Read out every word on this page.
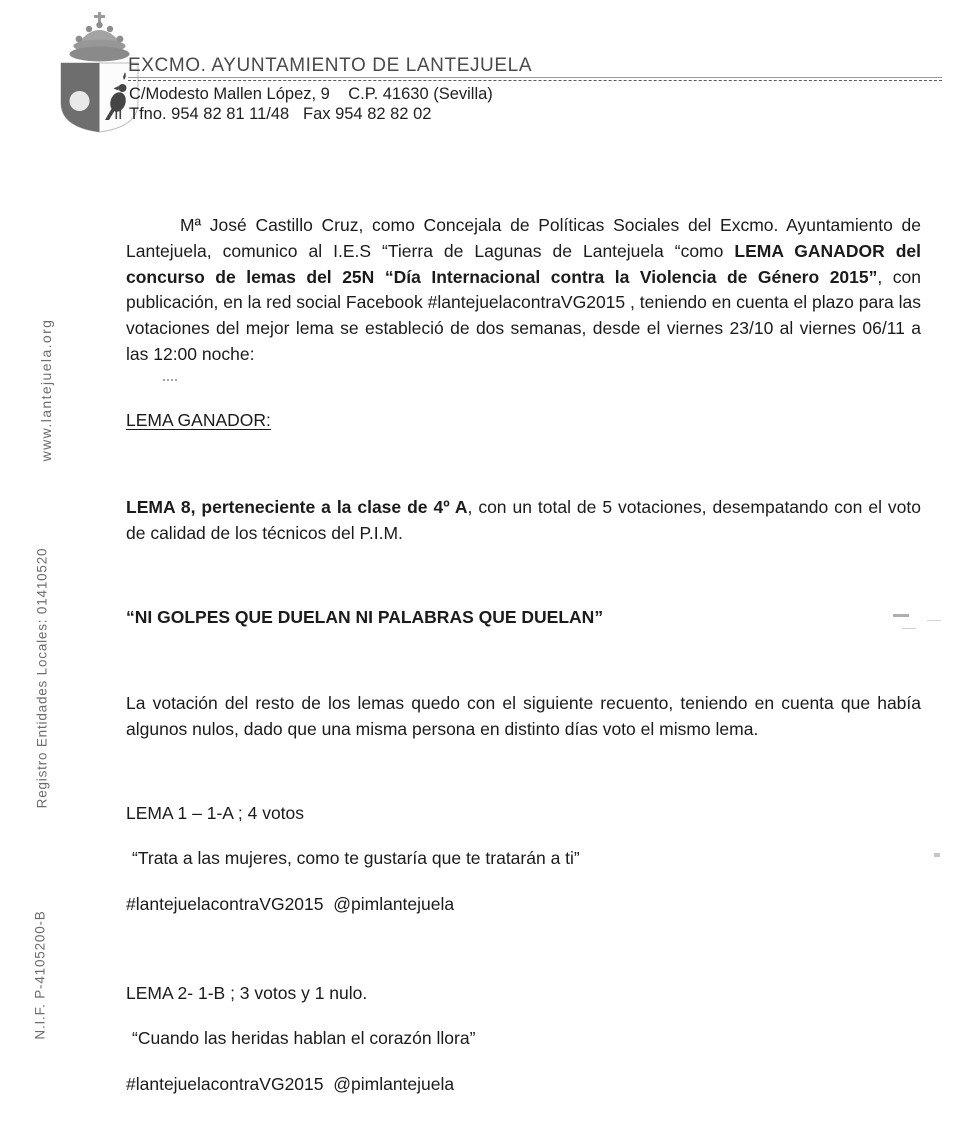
www.lantejuela.org
Registro Entidades Locales: 01410520
N.I.F. P-4105200-B
EXCMO. AYUNTAMIENTO DE LANTEJUELA
C/Modesto Mallen López, 9    C.P. 41630 (Sevilla)
Tfno. 954 82 81 11/48   Fax 954 82 82 02

Mª José Castillo Cruz, como Concejala de Políticas Sociales del Excmo. Ayuntamiento de Lantejuela, comunico al I.E.S “Tierra de Lagunas de Lantejuela “como LEMA GANADOR del concurso de lemas del 25N “Día Internacional contra la Violencia de Género 2015”, con publicación, en la red social Facebook #lantejuelacontraVG2015 , teniendo en cuenta el plazo para las votaciones del mejor lema se estableció de dos semanas, desde el viernes 23/10 al viernes 06/11 a las 12:00 noche:

LEMA GANADOR:

LEMA 8, perteneciente a la clase de 4º A, con un total de 5 votaciones, desempatando con el voto de calidad de los técnicos del P.I.M.

“NI GOLPES QUE DUELAN NI PALABRAS QUE DUELAN”

La votación del resto de los lemas quedo con el siguiente recuento, teniendo en cuenta que había algunos nulos, dado que una misma persona en distinto días voto el mismo lema.

LEMA 1 – 1-A ; 4 votos

“Trata a las mujeres, como te gustaría que te tratarán a ti”

#lantejuelacontraVG2015  @pimlantejuela

LEMA 2- 1-B ; 3 votos y 1 nulo.

“Cuando las heridas hablan el corazón llora”

#lantejuelacontraVG2015  @pimlantejuela
